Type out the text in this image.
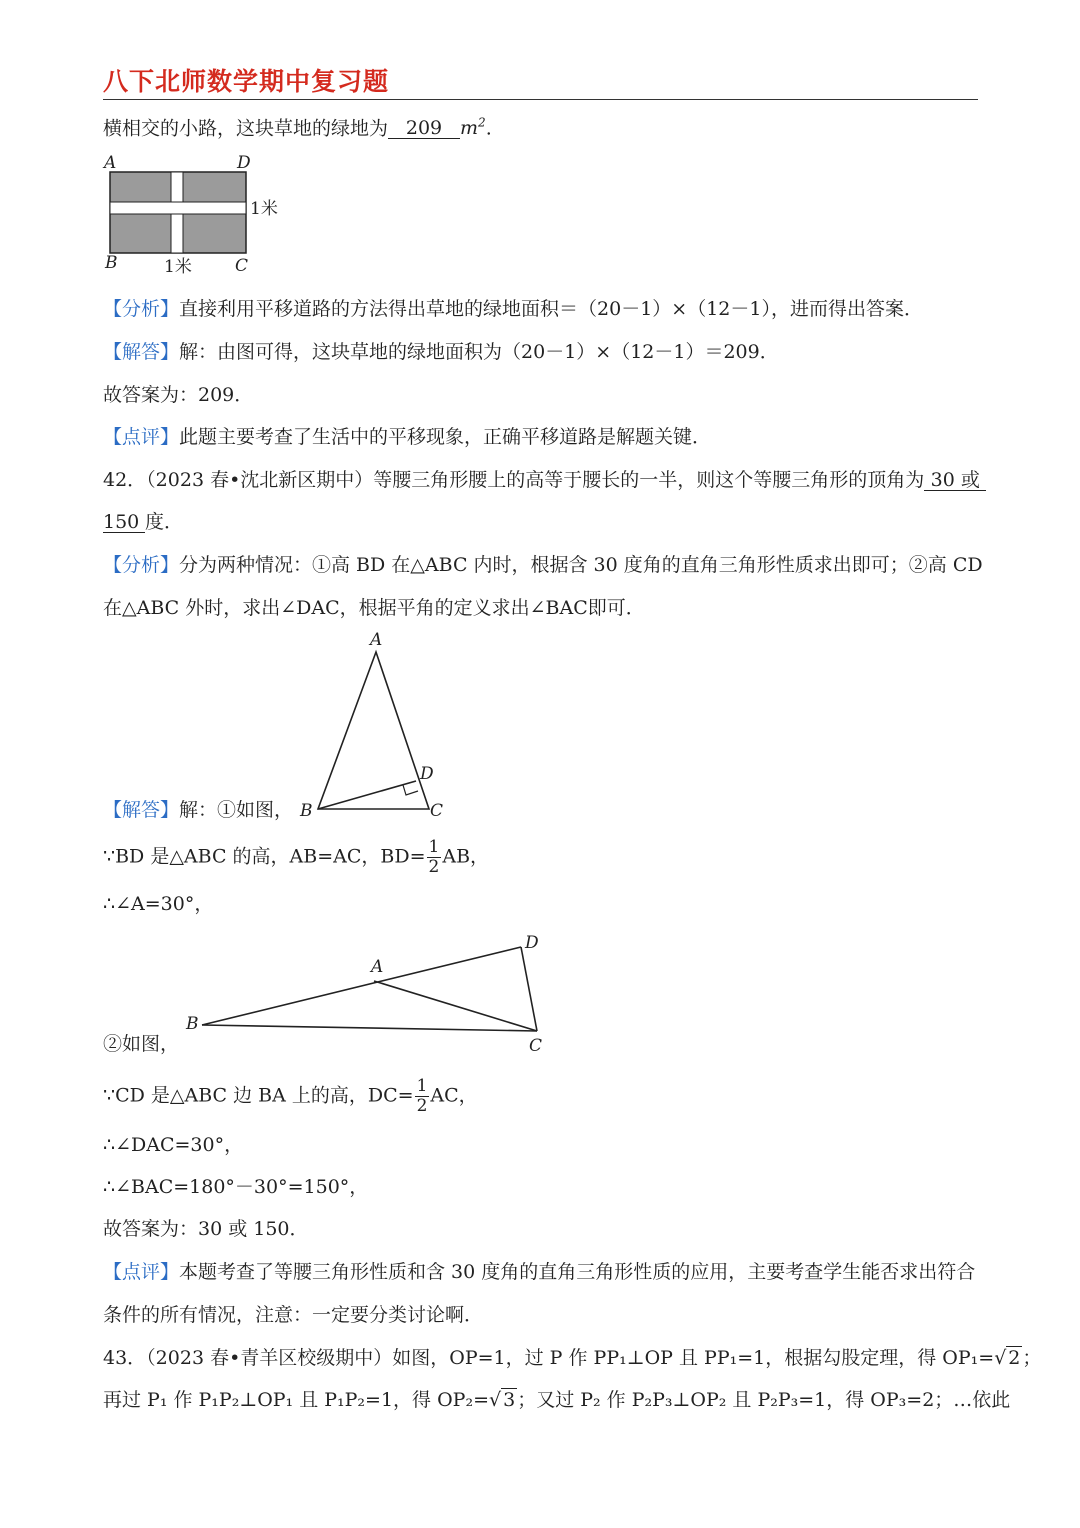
八下北师数学期中复习题
横相交的小路，这块草地的绿地为 209 $m^2$.
A	D
B	C
1米
1米
【分析】直接利用平移道路的方法得出草地的绿地面积＝（20－1）×（12－1），进而得出答案．
【解答】解：由图可得，这块草地的绿地面积为（20－1）×（12－1）＝209．
故答案为：209．
【点评】此题主要考查了生活中的平移现象，正确平移道路是解题关键．
42．（2023 春•沈北新区期中）等腰三角形腰上的高等于腰长的一半，则这个等腰三角形的顶角为 30 或
150 度．
【分析】分为两种情况：①高 BD 在△ABC 内时，根据含 30 度角的直角三角形性质求出即可；②高 CD
在△ABC 外时，求出∠DAC，根据平角的定义求出∠BAC即可．
A
B	C
D
【解答】解：①如图，
∵BD 是△ABC 的高，AB=AC，$BD= \frac{1}{2}$ AB，
∴∠A=30°，
A
B
C
D
②如图，
∵CD 是△ABC 边 BA 上的高，$DC= \frac{1}{2}$ AC，
∴∠DAC=30°，
∴∠BAC=180°－30°=150°，
故答案为：30 或 150．
【点评】本题考查了等腰三角形性质和含 30 度角的直角三角形性质的应用，主要考查学生能否求出符合
条件的所有情况，注意：一定要分类讨论啊．
43．（2023 春•青羊区校级期中）如图，OP=1，过 P 作 PP₁⊥OP 且 PP₁=1，根据勾股定理，得 OP₁=√ 2 ；
再过 P₁ 作 P₁P₂⊥OP₁ 且 P₁P₂=1，得 OP₂=√ 3 ；又过 P₂ 作 P₂P₃⊥OP₂ 且 P₂P₃=1，得 OP₃=2；…依此
